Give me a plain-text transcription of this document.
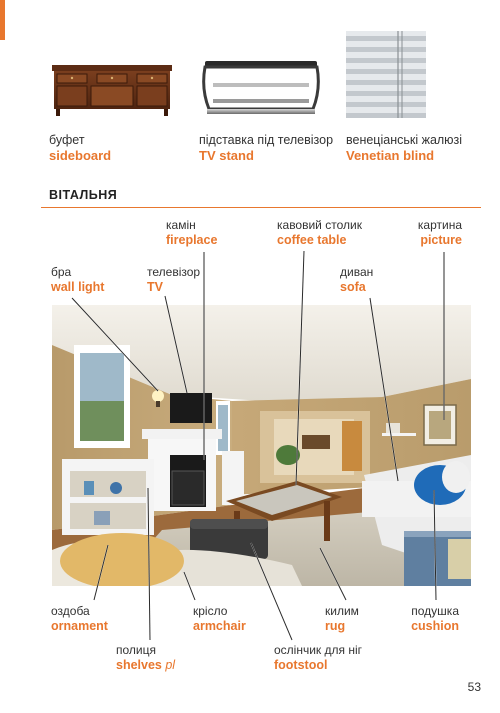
буфет
sideboard
підставка під телевізор
TV stand
венеціанські жалюзі
Venetian blind
ВІТАЛЬНЯ
камін
fireplace
кавовий столик
coffee table
картина
picture
бра
wall light
телевізор
TV
диван
sofa
оздоба
ornament
крісло
armchair
килим
rug
подушка
cushion
полиця
shelves pl
ослінчик для ніг
footstool
53
